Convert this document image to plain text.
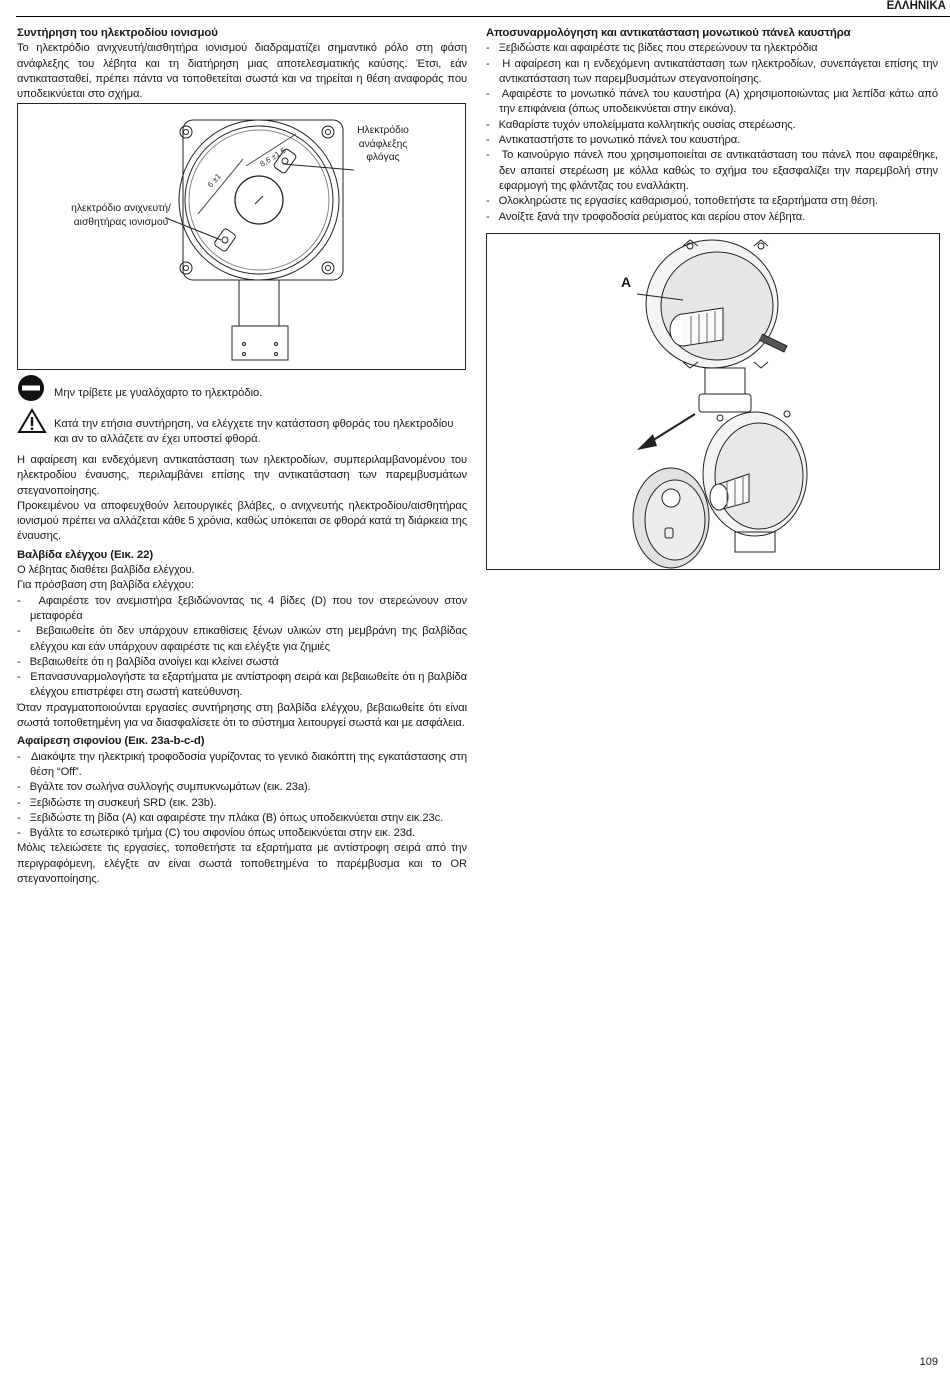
ΕΛΛΗΝΙΚΑ
Συντήρηση του ηλεκτροδίου ιονισμού

Το ηλεκτρόδιο ανιχνευτή/αισθητήρα ιονισμού διαδραματίζει σημαντικό ρόλο στη φάση ανάφλεξης του λέβητα και τη διατήρηση μιας αποτελεσματικής καύσης. Έτσι, εάν αντικατασταθεί, πρέπει πάντα να τοποθετείται σωστά και να τηρείται η θέση αναφοράς που υποδεικνύεται στο σχήμα.

6 ±1
8,6 ±1,5
ηλεκτρόδιο ανιχνευτή/ αισθητήρας ιονισμού
Ηλεκτρόδιο ανάφλεξης φλόγας
Μην τρίβετε με γυαλόχαρτο το ηλεκτρόδιο.
Κατά την ετήσια συντήρηση, να ελέγχετε την κατάσταση φθοράς του ηλεκτροδίου και αν το αλλάζετε αν έχει υποστεί φθορά.

Η αφαίρεση και ενδεχόμενη αντικατάσταση των ηλεκτροδίων, συμπεριλαμβανομένου του ηλεκτροδίου έναυσης, περιλαμβάνει επίσης την αντικατάσταση των παρεμβυσμάτων στεγανοποίησης.

Προκειμένου να αποφευχθούν λειτουργικές βλάβες, ο ανιχνευτής ηλεκτροδίου/αισθητήρας ιονισμού πρέπει να αλλάζεται κάθε 5 χρόνια, καθώς υπόκειται σε φθορά κατά τη διάρκεια της έναυσης.

Βαλβίδα ελέγχου (Εικ. 22)

Ο λέβητας διαθέτει βαλβίδα ελέγχου.

Για πρόσβαση στη βαλβίδα ελέγχου:

-   Αφαιρέστε τον ανεμιστήρα ξεβιδώνοντας τις 4 βίδες (D) που τον στερεώνουν στον μεταφορέα

-   Βεβαιωθείτε ότι δεν υπάρχουν επικαθίσεις ξένων υλικών στη μεμβράνη της βαλβίδας ελέγχου και εάν υπάρχουν αφαιρέστε τις και ελέγξτε για ζημιές

-   Βεβαιωθείτε ότι η βαλβίδα ανοίγει και κλείνει σωστά

-   Επανασυναρμολογήστε τα εξαρτήματα με αντίστροφη σειρά και βεβαιωθείτε ότι η βαλβίδα ελέγχου επιστρέφει στη σωστή κατεύθυνση.

Όταν πραγματοποιούνται εργασίες συντήρησης στη βαλβίδα ελέγχου, βεβαιωθείτε ότι είναι σωστά τοποθετημένη για να διασφαλίσετε ότι το σύστημα λειτουργεί σωστά και με ασφάλεια.

Αφαίρεση σιφονίου (Εικ. 23a-b-c-d)

-   Διακόψτε την ηλεκτρική τροφοδοσία γυρίζοντας το γενικό διακόπτη της εγκατάστασης στη θέση “Off”.

-   Βγάλτε τον σωλήνα συλλογής συμπυκνωμάτων (εικ. 23a).

-   Ξεβιδώστε τη συσκευή SRD (εικ. 23b).

-   Ξεβιδώστε τη βίδα (A) και αφαιρέστε την πλάκα (B) όπως υποδεικνύεται στην εικ.23c.

-   Βγάλτε το εσωτερικό τμήμα (C) του σιφονίου όπως υποδεικνύεται στην εικ. 23d.

Μόλις τελειώσετε τις εργασίες, τοποθετήστε τα εξαρτήματα με αντίστροφη σειρά από την περιγραφόμενη, ελέγξτε αν είναι σωστά τοποθετημένα το παρέμβυσμα και το OR στεγανοποίησης.

Αποσυναρμολόγηση και αντικατάσταση μονωτικού πάνελ καυστήρα

-   Ξεβιδώστε και αφαιρέστε τις βίδες που στερεώνουν τα ηλεκτρόδια

-   Η αφαίρεση και η ενδεχόμενη αντικατάσταση των ηλεκτροδίων, συνεπάγεται επίσης την αντικατάσταση των παρεμβυσμάτων στεγανοποίησης.

-   Αφαιρέστε το μονωτικό πάνελ του καυστήρα (A) χρησιμοποιώντας μια λεπίδα κάτω από την επιφάνεια (όπως υποδεικνύεται στην εικόνα).

-   Καθαρίστε τυχόν υπολείμματα κολλητικής ουσίας στερέωσης.

-   Αντικαταστήστε το μονωτικό πάνελ του καυστήρα.

-   Το καινούργιο πάνελ που χρησιμοποιείται σε αντικατάσταση του πάνελ που αφαιρέθηκε, δεν απαιτεί στερέωση με κόλλα καθώς το σχήμα του εξασφαλίζει την παρεμβολή στην εφαρμογή της φλάντζας του εναλλάκτη.

-   Ολοκληρώστε τις εργασίες καθαρισμού, τοποθετήστε τα εξαρτήματα στη θέση.

-   Ανοίξτε ξανά την τροφοδοσία ρεύματος και αερίου στον λέβητα.

A
109
